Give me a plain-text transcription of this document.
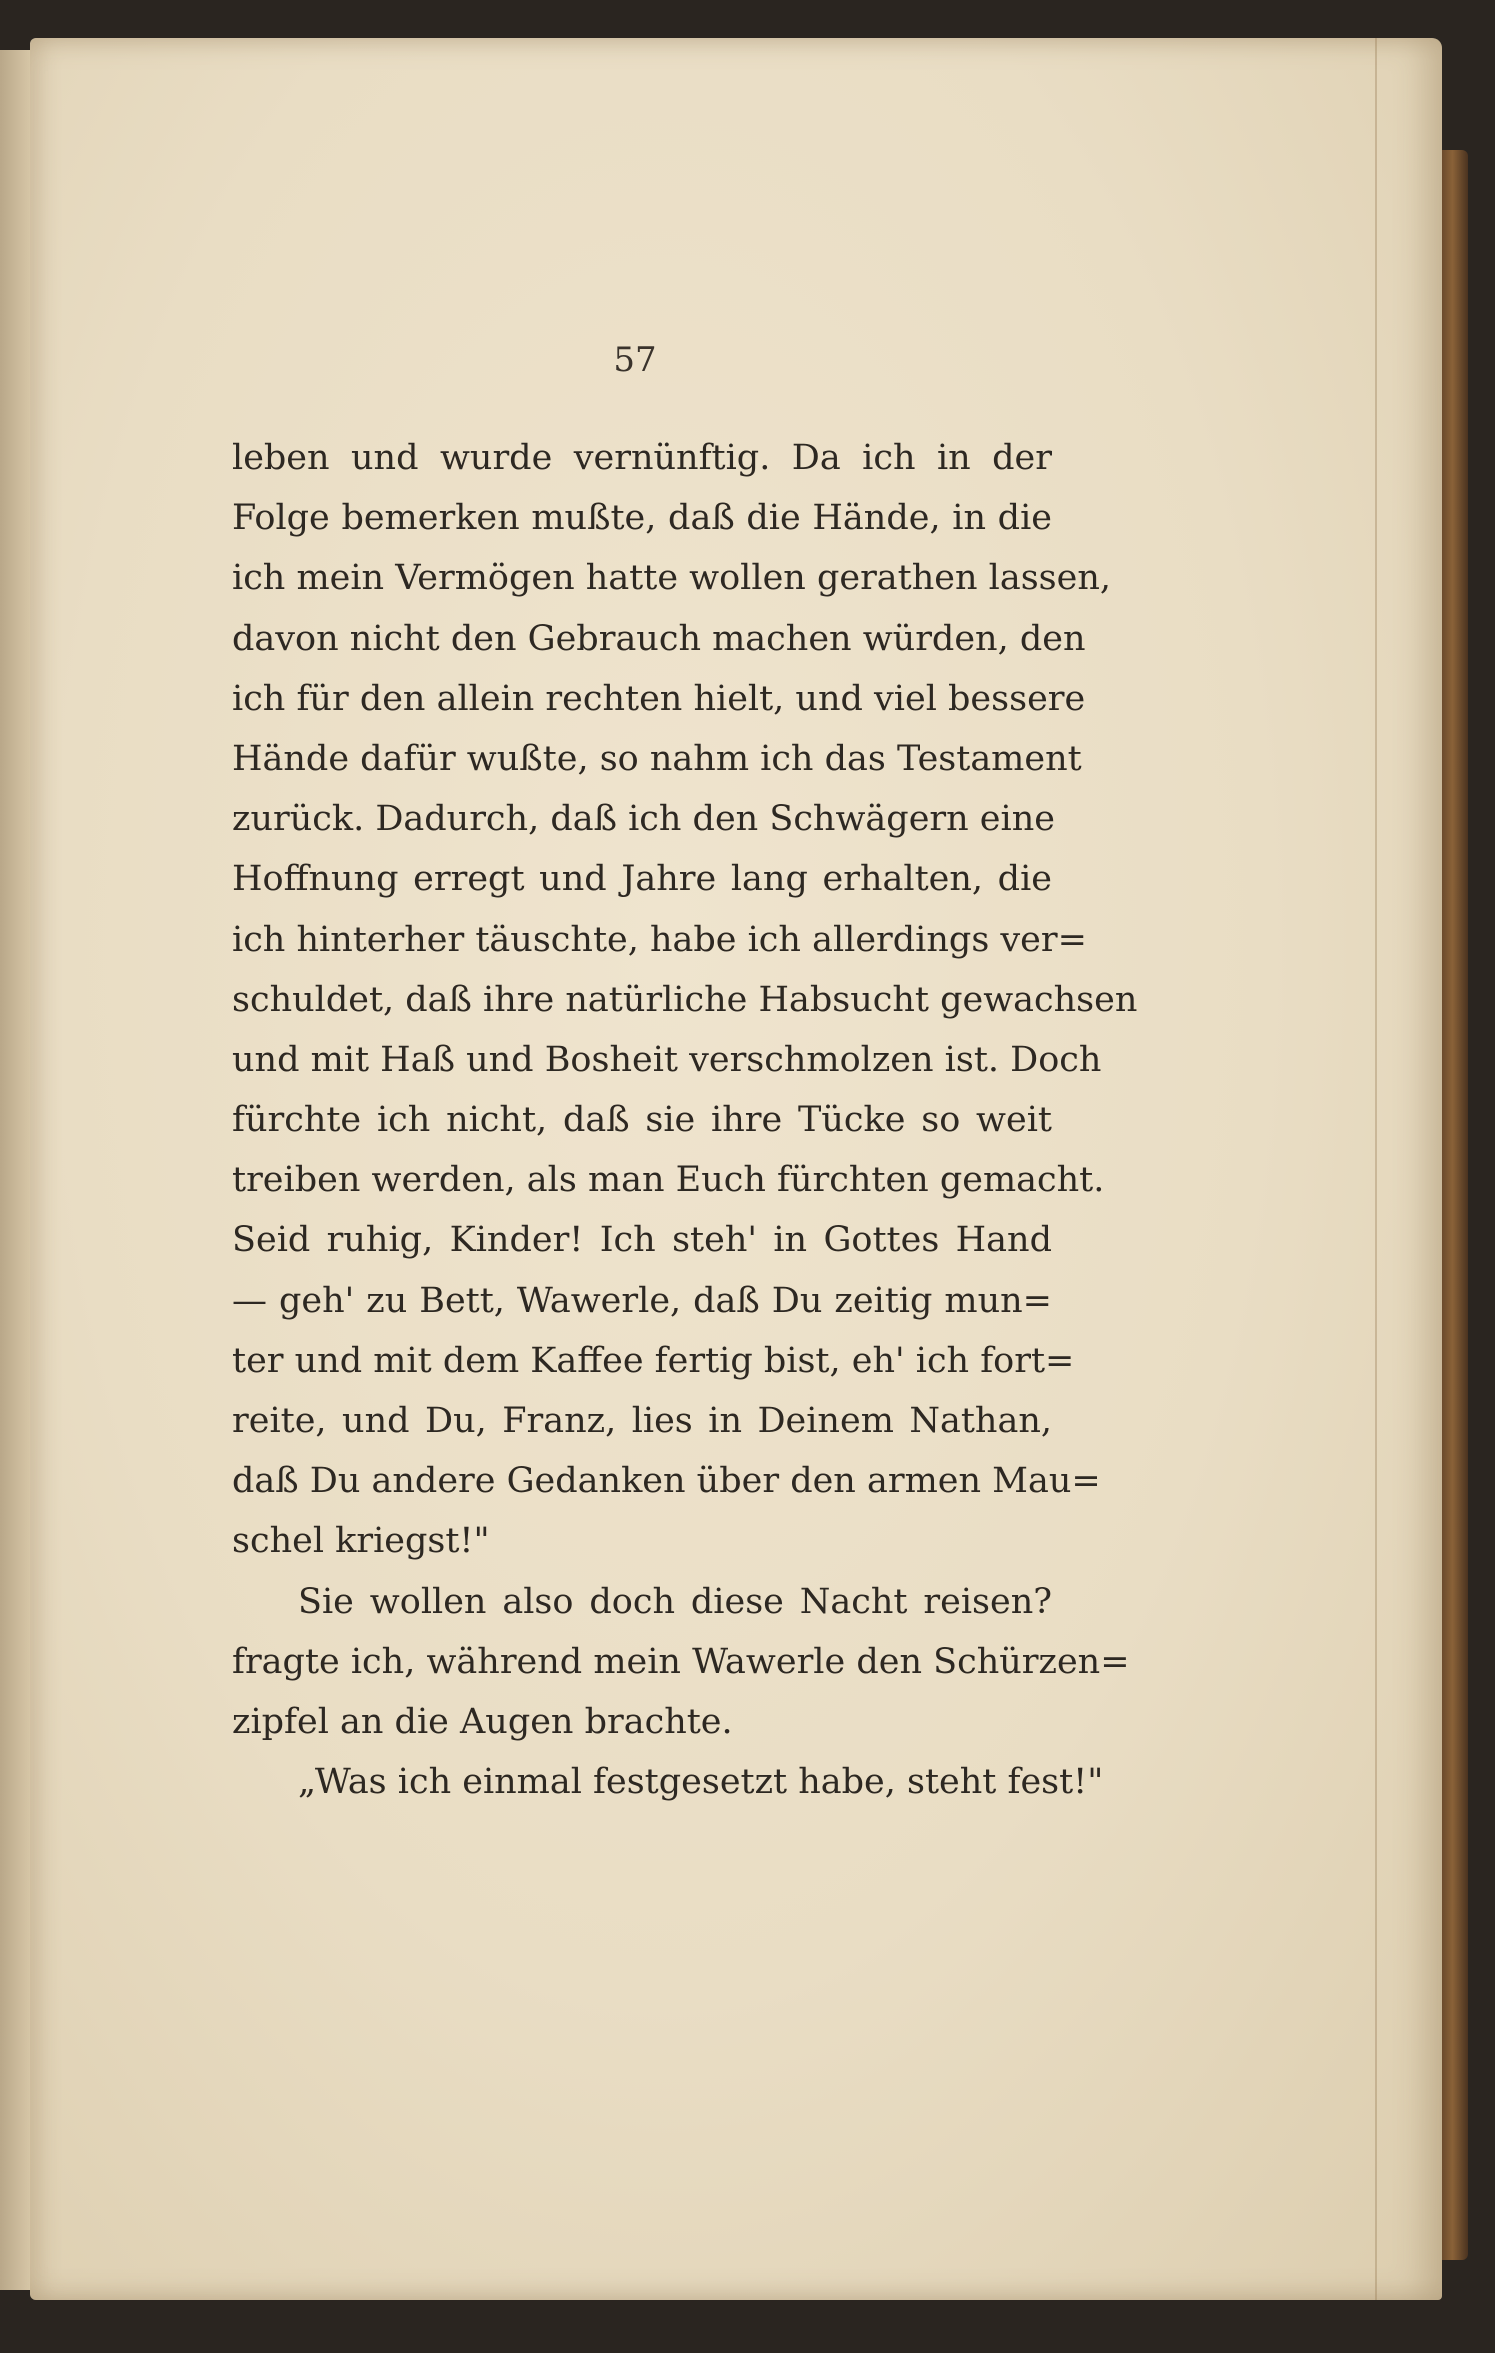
57
leben und wurde vernünftig. Da ich in der
Folge bemerken mußte, daß die Hände, in die
ich mein Vermögen hatte wollen gerathen lassen,
davon nicht den Gebrauch machen würden, den
ich für den allein rechten hielt, und viel bessere
Hände dafür wußte, so nahm ich das Testament
zurück. Dadurch, daß ich den Schwägern eine
Hoffnung erregt und Jahre lang erhalten, die
ich hinterher täuschte, habe ich allerdings ver=
schuldet, daß ihre natürliche Habsucht gewachsen
und mit Haß und Bosheit verschmolzen ist. Doch
fürchte ich nicht, daß sie ihre Tücke so weit
treiben werden, als man Euch fürchten gemacht.
Seid ruhig, Kinder! Ich steh' in Gottes Hand
— geh' zu Bett, Wawerle, daß Du zeitig mun=
ter und mit dem Kaffee fertig bist, eh' ich fort=
reite, und Du, Franz, lies in Deinem Nathan,
daß Du andere Gedanken über den armen Mau=
schel kriegst!"
Sie wollen also doch diese Nacht reisen?
fragte ich, während mein Wawerle den Schürzen=
zipfel an die Augen brachte.
„Was ich einmal festgesetzt habe, steht fest!"
